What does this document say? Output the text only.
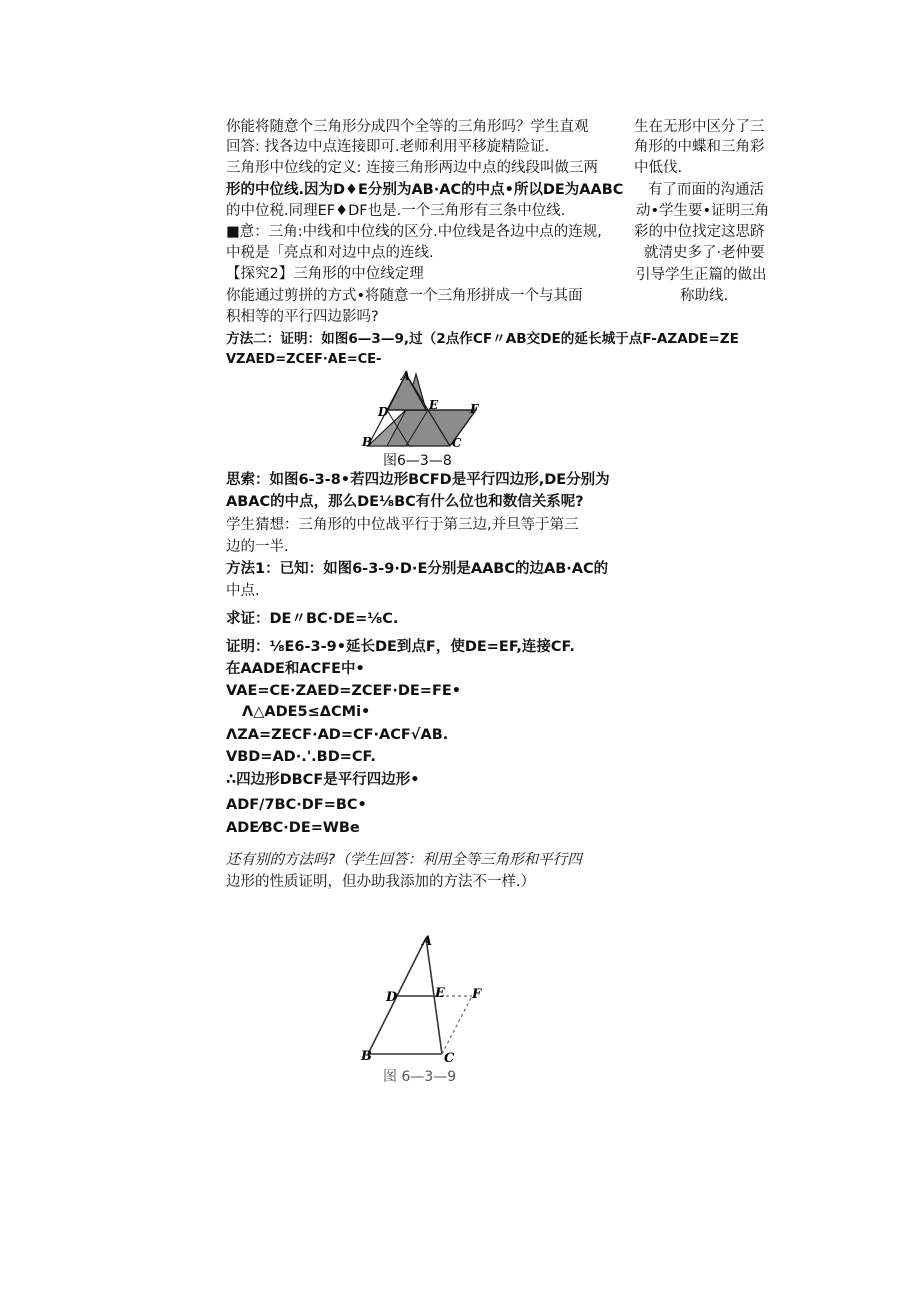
你能将随意个三角形分成四个全等的三角形吗？学生直观
回答: 找各边中点连接即可.老师利用平移旋精险证.
三角形中位线的定义: 连接三角形两边中点的线段叫做三两
形的中位线.因为D♦E分别为AB·AC的中点•所以DE为AABC
的中位税.同理EF♦DF也是.一个三角形有三条中位线.
■意：三角:中线和中位线的区分.中位线是各边中点的连规,
中税是「亮点和对边中点的连线.
【探究2】三角形的中位线定理
你能通过剪拼的方式•将随意一个三角形拼成一个与其面
积相等的平行四边影吗?
方法二：证明：如图6—3—9,过（2点作CF〃AB交DE的延长城于点F-AZADE=ZE
VZAED=ZCEF·AE=CE-
生在无形中区分了三
角形的中蝶和三角彩
中低伐.
有了而面的沟通活
动•学生要•证明三角
彩的中位找定这思跻
就清史多了·老仲要
引导学生正篇的做出
称助线.
A
D	E	F
B	C
图6—3—8
思索：如图6-3-8•若四边形BCFD是平行四边形,DE分别为
ABAC的中点，那么DE⅛BC有什么位也和数信关系呢?
学生猜想：三角形的中位战平行于第三边,并旦等于第三
边的一半.
方法1：已知：如图6-3-9·D·E分别是AABC的边AB·AC的
中点.
求证：DE〃BC·DE=⅛C.
证明：⅛E6-3-9•延长DE到点F，使DE=EF,连接CF.
在AADE和ACFE中•
VAE=CE·ZAED=ZCEF·DE=FE•
Λ△ADE5≤ΔCMi•
ΛZA=ZECF·AD=CF·ACF√AB.
VBD=AD·.'.BD=CF.
∴四边形DBCF是平行四边形•
ADF/7BC·DF=BC•
ADE⁄BC·DE=WBe
还有别的方法吗?（学生回答：利用全等三角形和平行四
边形的性质证明，但办助我添加的方法不一样.）
A
D	E F
B	C
图 6—3—9
